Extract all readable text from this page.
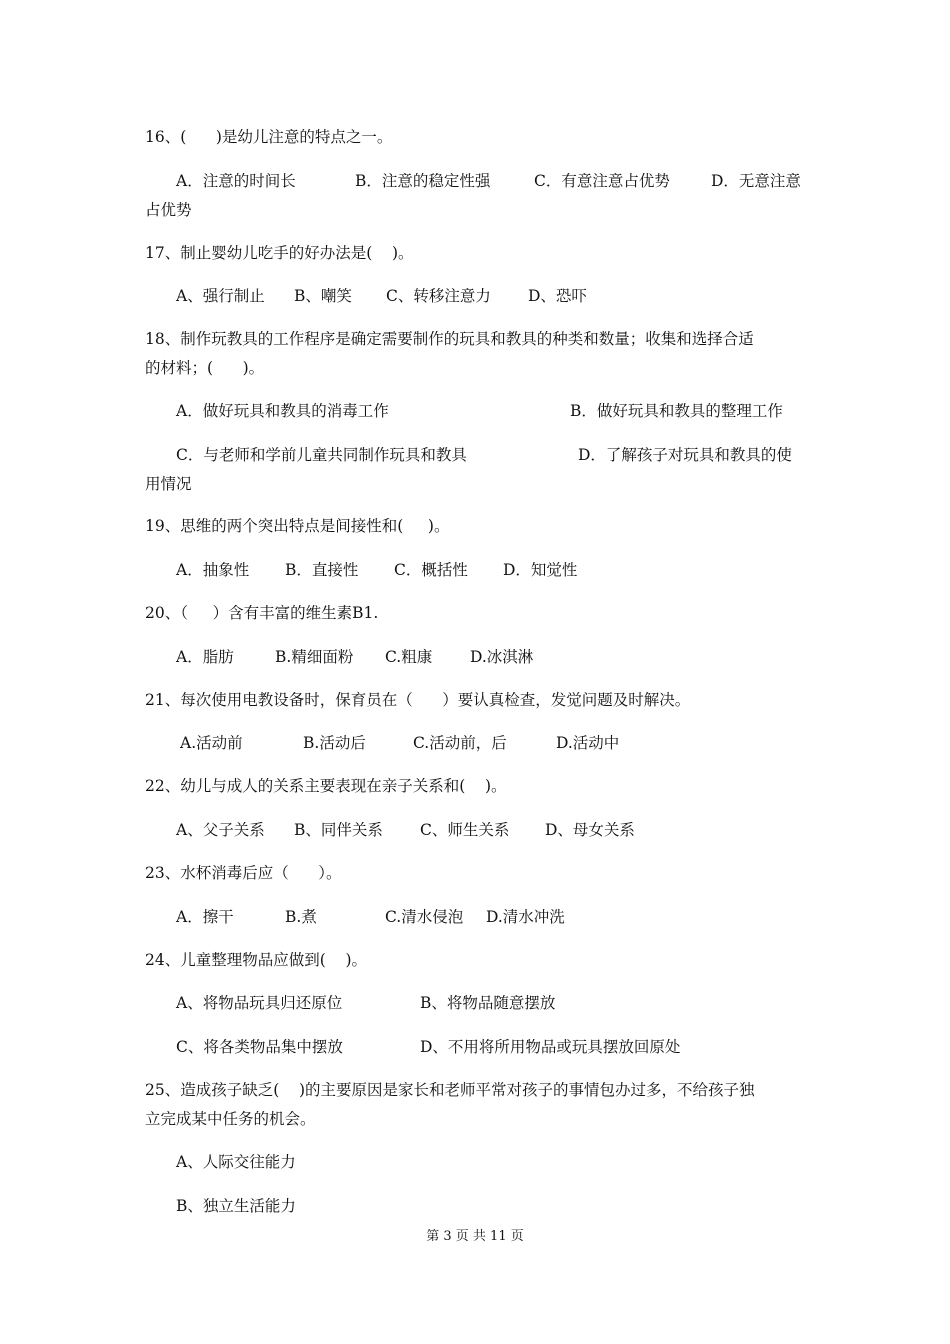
16、(      )是幼儿注意的特点之一。
A．注意的时间长	B．注意的稳定性强	C．有意注意占优势	D．无意注意
占优势
17、制止婴幼儿吃手的好办法是(    )。
A、强行制止 B、嘲笑 C、转移注意力 D、恐吓
18、制作玩教具的工作程序是确定需要制作的玩具和教具的种类和数量；收集和选择合适
的材料；(      )。
A．做好玩具和教具的消毒工作	B．做好玩具和教具的整理工作
C．与老师和学前儿童共同制作玩具和教具	D．了解孩子对玩具和教具的使
用情况
19、思维的两个突出特点是间接性和(     )。
A．抽象性 B．直接性 C．概括性 D．知觉性
20、（     ）含有丰富的维生素B1.
A．脂肪	B.精细面粉 C.粗康 D.冰淇淋
21、每次使用电教设备时，保育员在（      ）要认真检查，发觉问题及时解决。
A.活动前	B.活动后	C.活动前，后	D.活动中
22、幼儿与成人的关系主要表现在亲子关系和(    )。
A、父子关系 B、同伴关系 C、师生关系 D、母女关系
23、水杯消毒后应（      ）。
A．擦干	B.煮	C.清水侵泡 D.清水冲洗
24、儿童整理物品应做到(    )。
A、将物品玩具归还原位	B、将物品随意摆放
C、将各类物品集中摆放	D、不用将所用物品或玩具摆放回原处
25、造成孩子缺乏(    )的主要原因是家长和老师平常对孩子的事情包办过多，不给孩子独
立完成某中任务的机会。
A、人际交往能力
B、独立生活能力
第 3 页 共 11 页
